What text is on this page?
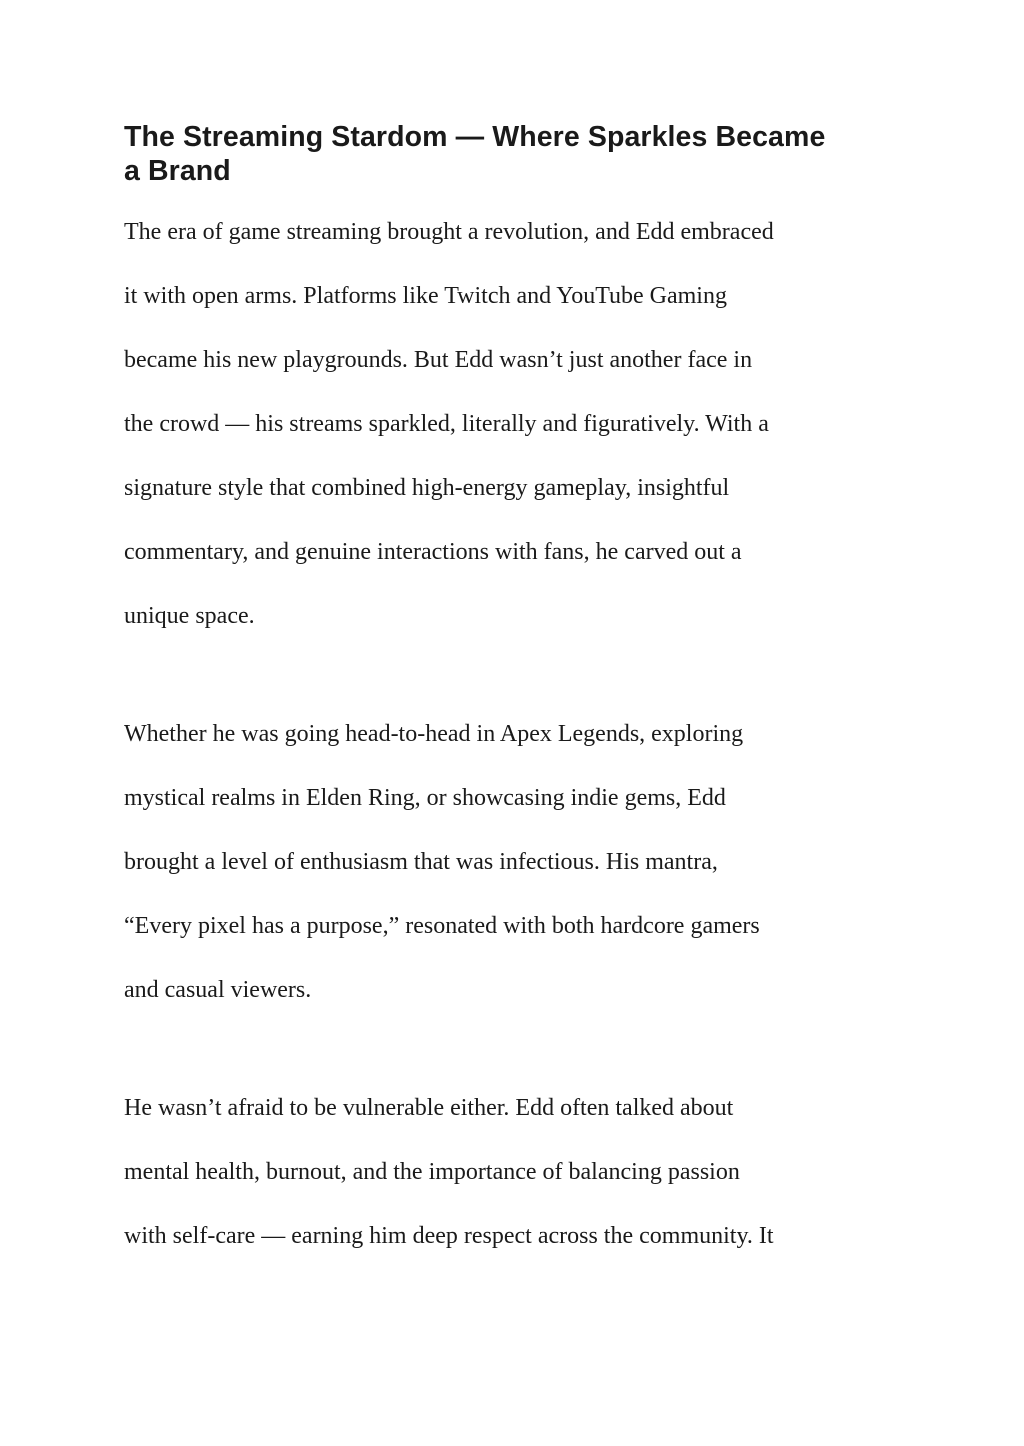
The Streaming Stardom — Where Sparkles Became
a Brand

The era of game streaming brought a revolution, and Edd embraced
it with open arms. Platforms like Twitch and YouTube Gaming
became his new playgrounds. But Edd wasn’t just another face in
the crowd — his streams sparkled, literally and figuratively. With a
signature style that combined high-energy gameplay, insightful
commentary, and genuine interactions with fans, he carved out a
unique space.

Whether he was going head-to-head in Apex Legends, exploring
mystical realms in Elden Ring, or showcasing indie gems, Edd
brought a level of enthusiasm that was infectious. His mantra,
“Every pixel has a purpose,” resonated with both hardcore gamers
and casual viewers.

He wasn’t afraid to be vulnerable either. Edd often talked about
mental health, burnout, and the importance of balancing passion
with self-care — earning him deep respect across the community. It
